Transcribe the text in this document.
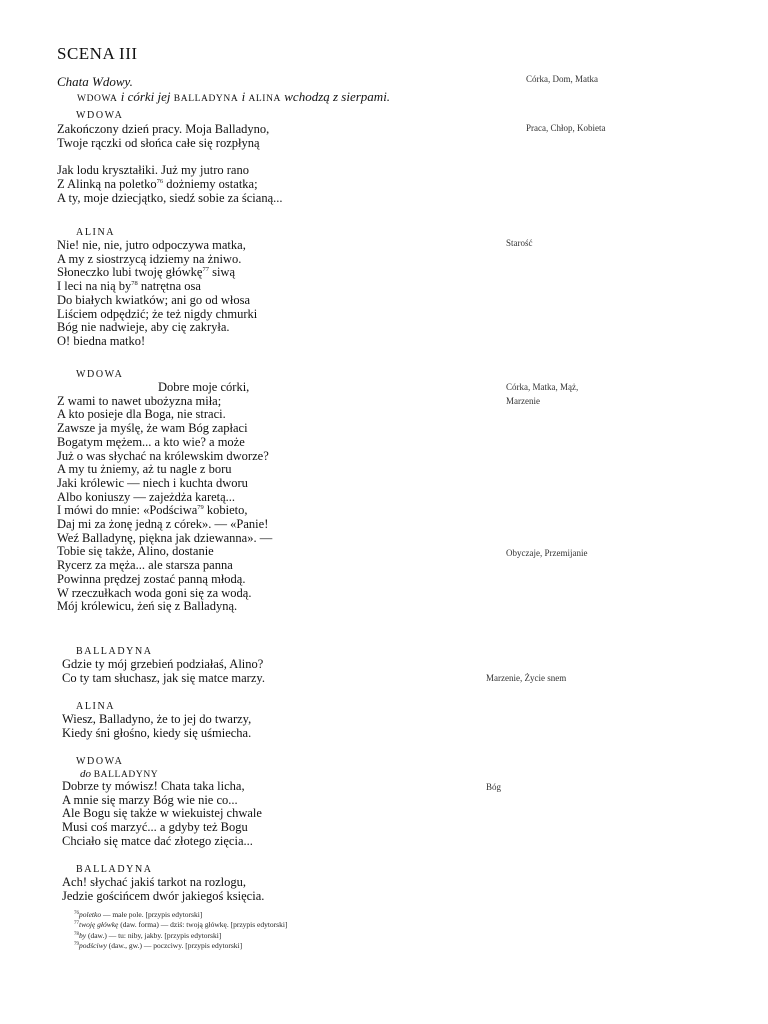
SCENA III
Chata Wdowy.
WDOWA i córki jej BALLADYNA i ALINA wchodzą z sierpami.
WDOWA
Zakończony dzień pracy. Moja Balladyno,
Twoje rączki od słońca całe się rozpłyną
Jak lodu kryształiki. Już my jutro rano
Z Alinką na poletko$^{76}$ dożniemy ostatka;
A ty, moje dziecjątko, siedź sobie za ścianą...
ALINA
Nie! nie, nie, jutro odpoczywa matka,
A my z siostrzycą idziemy na żniwo.
Słoneczko lubi twoję główkę$^{77}$ siwą
I leci na nią $by^{78}$ natrętna osa
Do białych kwiatków; ani go od włosa
Liściem odpędzić; że też nigdy chmurki
Bóg nie nadwieje, aby cię zakryła.
O! biedna matko!
WDOWA
Dobre moje córki,
Z wami to nawet ubożyzna miła;
A kto posieje dla Boga, nie straci.
Zawsze ja myślę, że wam Bóg zapłaci
Bogatym mężem... a kto wie? a może
Już o was słychać na królewskim dworze?
A my tu żniemy, aż tu nagle z boru
Jaki królewic — niech i kuchta dworu
Albo koniuszy — zajeżdża karetą...
I mówi do mnie: «Podściwa$^{79}$ kobieto,
Daj mi za żonę jedną z córek». — «Panie!
Weź Balladynę, piękna jak dziewanna». —
Tobie się także, Alino, dostanie
Rycerz za męża... ale starsza panna
Powinna prędzej zostać panną młodą.
W rzeczułkach woda goni się za wodą.
Mój królewicu, żeń się z Balladyną.
BALLADYNA
Gdzie ty mój grzebień podziałaś, Alino?
Co ty tam słuchasz, jak się matce marzy.
ALINA
Wiesz, Balladyno, że to jej do twarzy,
Kiedy śni głośno, kiedy się uśmiecha.
WDOWA
do BALLADYNY
Dobrze ty mówisz! Chata taka licha,
A mnie się marzy Bóg wie nie co...
Ale Bogu się także w wiekuistej chwale
Musi coś marzyć... a gdyby też Bogu
Chciało się matce dać złotego zięcia...
BALLADYNA
Ach! słychać jakiś tarkot na rozlogu,
Jedzie gościńcem dwór jakiegoś księcia.
Córka, Dom, Matka
Praca, Chłop, Kobieta
Starość
Córka, Matka, Mąż,
Marzenie
Obyczaje, Przemijanie
Marzenie, Życie snem
Bóg
$^{76}$poletko — małe pole. [przypis edytorski]
$^{77}$twoję główkę (daw. forma) — dziś: twoją główkę. [przypis edytorski]
$^{78}$by (daw.) — tu: niby, jakby. [przypis edytorski]
$^{79}$podściwy (daw., gw.) — poczciwy. [przypis edytorski]
